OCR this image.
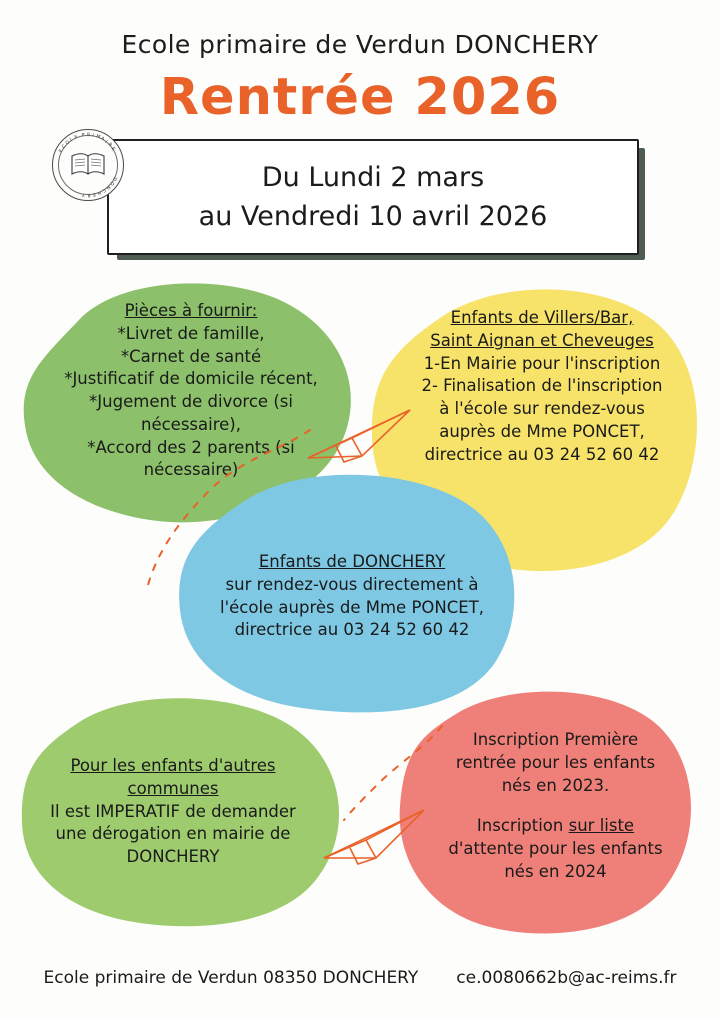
Ecole primaire de Verdun DONCHERY
Rentrée 2026
E
C
O
L E P R I M
A
I
R
E
D
O
N
C
H
E
R
Y
Du Lundi 2 mars
au Vendredi 10 avril 2026
Pièces à fournir:
*Livret de famille,
*Carnet de santé
*Justificatif de domicile récent,
*Jugement de divorce (si
nécessaire),
*Accord des 2 parents (si
nécessaire)
Enfants de Villers/Bar,
Saint Aignan et Cheveuges
1-En Mairie pour l'inscription
2- Finalisation de l'inscription
à l'école sur rendez-vous
auprès de Mme PONCET,
directrice au 03 24 52 60 42
Enfants de DONCHERY
sur rendez-vous directement à
l'école auprès de Mme PONCET,
directrice au 03 24 52 60 42
Pour les enfants d'autres
communes
Il est IMPERATIF de demander
une dérogation en mairie de
DONCHERY
Inscription Première
rentrée pour les enfants
nés en 2023.
Inscription sur liste
d'attente pour les enfants
nés en 2024
Ecole primaire de Verdun 08350 DONCHERY ce.0080662b@ac-reims.fr
